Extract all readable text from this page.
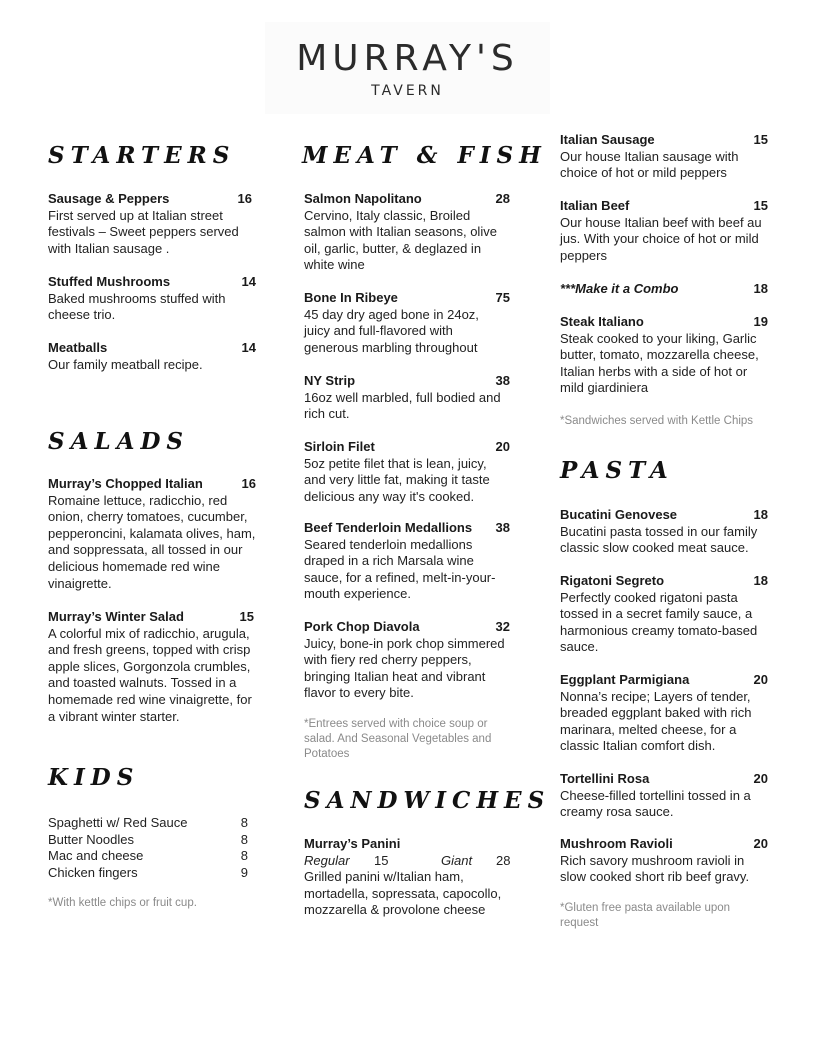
MURRAY'S
TAVERN
STARTERS
Sausage & Peppers	16
First served up at Italian street festivals – Sweet peppers served with Italian sausage .
Stuffed Mushrooms	14
Baked mushrooms stuffed with cheese trio.
Meatballs	14
Our family meatball recipe.
SALADS
Murray’s Chopped Italian	16
Romaine lettuce, radicchio, red onion, cherry tomatoes, cucumber, pepperoncini, kalamata olives, ham, and soppressata, all tossed in our delicious homemade red wine vinaigrette.
Murray’s Winter Salad	15
A colorful mix of radicchio, arugula, and fresh greens, topped with crisp apple slices, Gorgonzola crumbles, and toasted walnuts. Tossed in a homemade red wine vinaigrette, for a vibrant winter starter.
KIDS
Spaghetti w/ Red Sauce	8
Butter Noodles	8
Mac and cheese	8
Chicken fingers	9
*With kettle chips or fruit cup.
MEAT & FISH
Salmon Napolitano	28
Cervino, Italy classic, Broiled salmon with Italian seasons, olive oil, garlic, butter, & deglazed in white wine
Bone In Ribeye	75
45 day dry aged bone in 24oz, juicy and full-flavored with generous marbling throughout
NY Strip	38
16oz well marbled, full bodied and rich cut.
Sirloin Filet	20
5oz petite filet that is lean, juicy, and very little fat, making it taste delicious any way it's cooked.
Beef Tenderloin Medallions 38
Seared tenderloin medallions draped in a rich Marsala wine sauce, for a refined, melt-in-your-mouth experience.
Pork Chop Diavola	32
Juicy, bone-in pork chop simmered with fiery red cherry peppers, bringing Italian heat and vibrant flavor to every bite.
*Entrees served with choice soup or salad. And Seasonal Vegetables and Potatoes
SANDWICHES
Murray’s Panini
Regular	15	Giant	28
Grilled panini w/Italian ham, mortadella, sopressata, capocollo, mozzarella & provolone cheese
Italian Sausage	15
Our house Italian sausage with choice of hot or mild peppers
Italian Beef	15
Our house Italian beef with beef au jus. With your choice of hot or mild peppers
***Make it a Combo	18
Steak Italiano	19
Steak cooked to your liking, Garlic butter, tomato, mozzarella cheese, Italian herbs with a side of hot or mild giardiniera
*Sandwiches served with Kettle Chips
PASTA
Bucatini Genovese	18
Bucatini pasta tossed in our family classic slow cooked meat sauce.
Rigatoni Segreto	18
Perfectly cooked rigatoni pasta tossed in a secret family sauce, a harmonious creamy tomato-based sauce.
Eggplant Parmigiana	20
Nonna’s recipe; Layers of tender, breaded eggplant baked with rich marinara, melted cheese, for a classic Italian comfort dish.
Tortellini Rosa	20
Cheese-filled tortellini tossed in a creamy rosa sauce.
Mushroom Ravioli	20
Rich savory mushroom ravioli in slow cooked short rib beef gravy.
*Gluten free pasta available upon request
